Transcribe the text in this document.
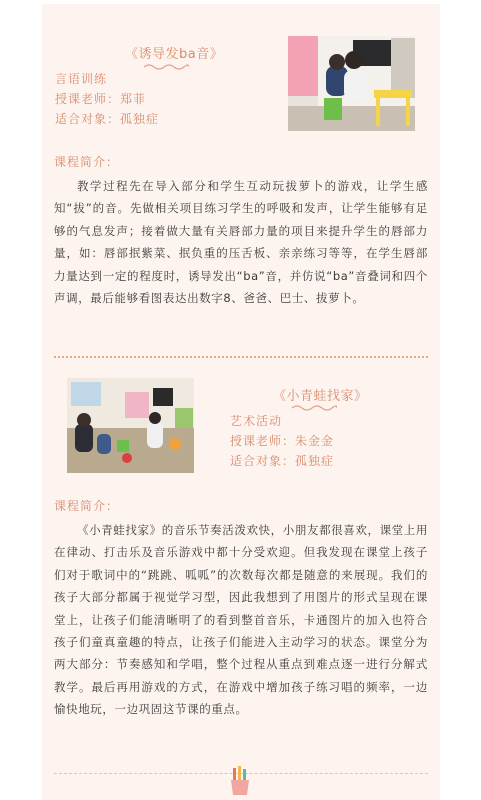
《诱导发ba音》
言语训练
授课老师：郑菲
适合对象：孤独症
课程简介：
教学过程先在导入部分和学生互动玩拔萝卜的游戏，让学生感知“拔”的音。先做相关项目练习学生的呼吸和发声，让学生能够有足够的气息发声；接着做大量有关唇部力量的项目来提升学生的唇部力量，如：唇部抿紫菜、抿负重的压舌板、亲亲练习等等，在学生唇部力量达到一定的程度时，诱导发出“ba”音，并仿说“ba”音叠词和四个声调，最后能够看图表达出数字8、爸爸、巴士、拔萝卜。
《小青蛙找家》
艺术活动
授课老师：朱金金
适合对象：孤独症
课程简介：
《小青蛙找家》的音乐节奏活泼欢快，小朋友都很喜欢，课堂上用在律动、打击乐及音乐游戏中都十分受欢迎。但我发现在课堂上孩子们对于歌词中的“跳跳、呱呱”的次数每次都是随意的来展现。我们的孩子大部分都属于视觉学习型，因此我想到了用图片的形式呈现在课堂上，让孩子们能清晰明了的看到整首音乐，卡通图片的加入也符合孩子们童真童趣的特点，让孩子们能进入主动学习的状态。课堂分为两大部分：节奏感知和学唱，整个过程从重点到难点逐一进行分解式教学。最后再用游戏的方式，在游戏中增加孩子练习唱的频率，一边愉快地玩，一边巩固这节课的重点。
